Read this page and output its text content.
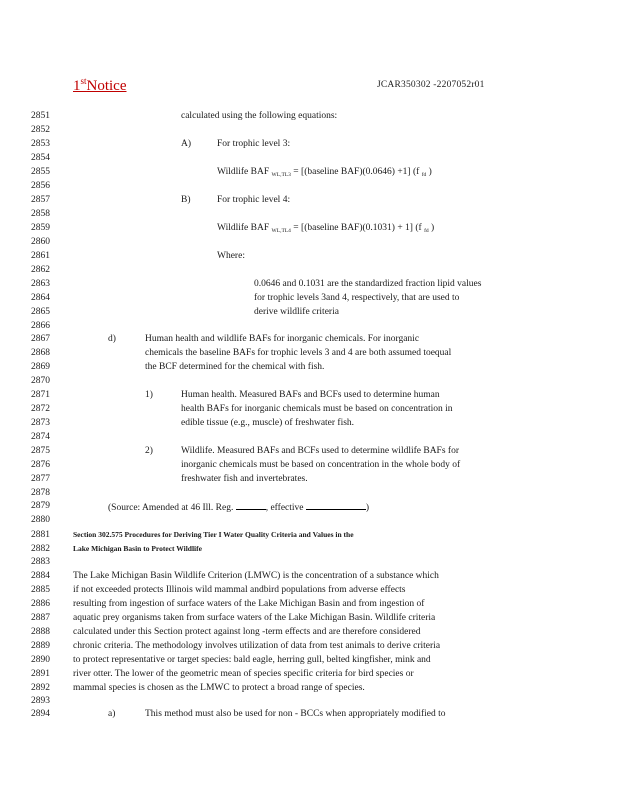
1stNotice	JCAR350302 -2207052r01
2851
2852
2853
2854
2855
2856
2857
2858
2859
2860
2861
2862
2863
2864
2865
2866
2867
2868
2869
2870
2871
2872
2873
2874
2875
2876
2877
2878
2879
2880
2881
2882
2883
2884
2885
2886
2887
2888
2889
2890
2891
2892
2893
2894
calculated using the following equations:
A)	For trophic level 3:
Wildlife BAF $_{WL,TL3}$ = [(baseline BAF)(0.0646) +1] (f $_{fd}$ )
B)	For trophic level 4:
Wildlife BAF $_{WL,TL4}$ = [(baseline BAF)(0.1031) + 1] (f $_{fd}$ )
Where:
0.0646 and 0.1031 are the standardized fraction lipid values
for trophic levels 3and 4, respectively, that are used to
derive wildlife criteria
d)	Human health and wildlife BAFs for inorganic chemicals. For inorganic
chemicals the baseline BAFs for trophic levels 3 and 4 are both assumed toequal
the BCF determined for the chemical with fish.
1)	Human health. Measured BAFs and BCFs used to determine human
health BAFs for inorganic chemicals must be based on concentration in
edible tissue (e.g., muscle) of freshwater fish.
2)	Wildlife. Measured BAFs and BCFs used to determine wildlife BAFs for
inorganic chemicals must be based on concentration in the whole body of
freshwater fish and invertebrates.
(Source: Amended at 46 Ill. Reg.	, effective	)
Section 302.575 Procedures for Deriving Tier I Water Quality Criteria and Values in the
Lake Michigan Basin to Protect Wildlife
The Lake Michigan Basin Wildlife Criterion (LMWC) is the concentration of a substance which
if not exceeded protects Illinois wild mammal andbird populations from adverse effects
resulting from ingestion of surface waters of the Lake Michigan Basin and from ingestion of
aquatic prey organisms taken from surface waters of the Lake Michigan Basin. Wildlife criteria
calculated under this Section protect against long -term effects and are therefore considered
chronic criteria. The methodology involves utilization of data from test animals to derive criteria
to protect representative or target species: bald eagle, herring gull, belted kingfisher, mink and
river otter. The lower of the geometric mean of species specific criteria for bird species or
mammal species is chosen as the LMWC to protect a broad range of species.
a)	This method must also be used for non - BCCs when appropriately modified to
